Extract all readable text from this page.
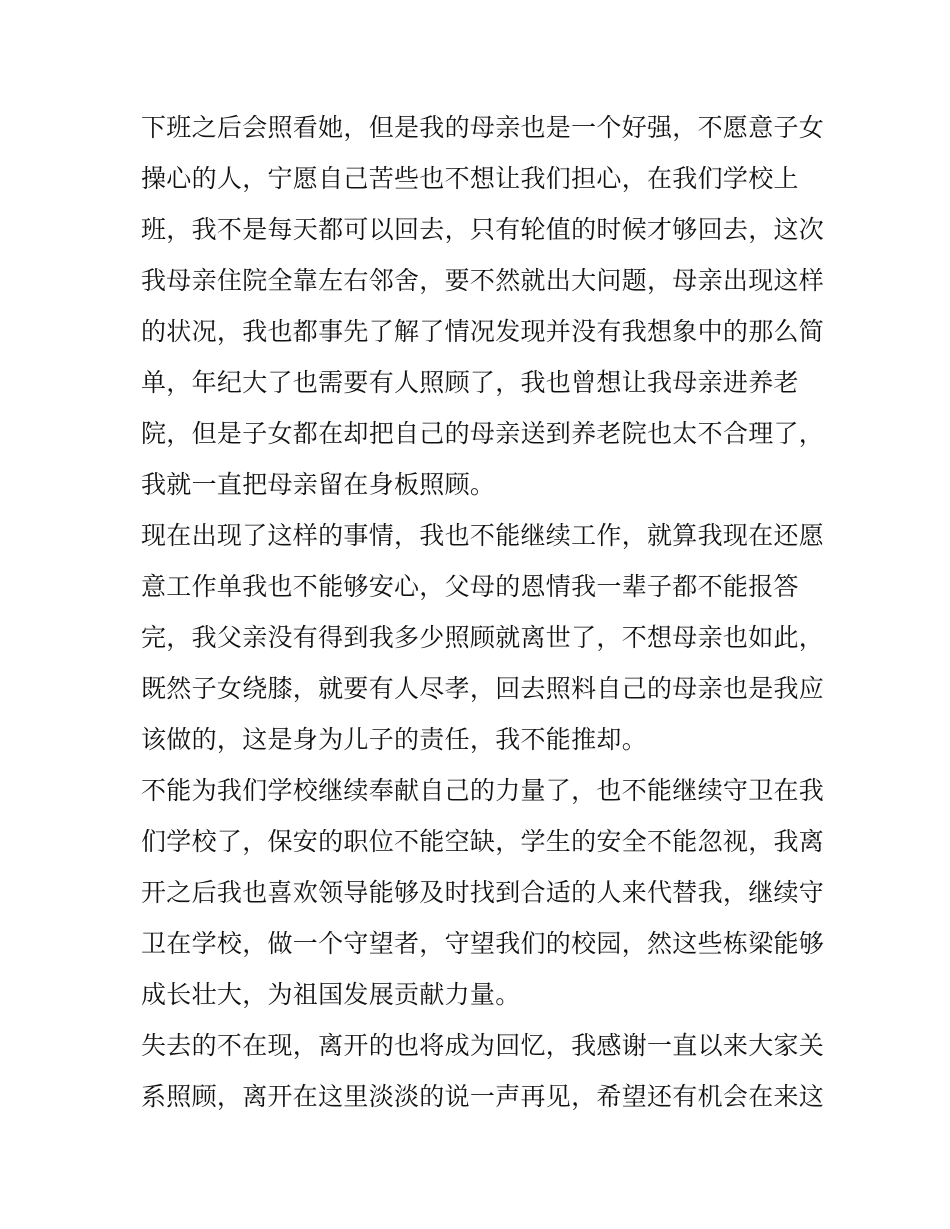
下班之后会照看她，但是我的母亲也是一个好强，不愿意子女
操心的人，宁愿自己苦些也不想让我们担心，在我们学校上
班，我不是每天都可以回去，只有轮值的时候才够回去，这次
我母亲住院全靠左右邻舍，要不然就出大问题，母亲出现这样
的状况，我也都事先了解了情况发现并没有我想象中的那么简
单，年纪大了也需要有人照顾了，我也曾想让我母亲进养老
院，但是子女都在却把自己的母亲送到养老院也太不合理了，
我就一直把母亲留在身板照顾。
现在出现了这样的事情，我也不能继续工作，就算我现在还愿
意工作单我也不能够安心，父母的恩情我一辈子都不能报答
完，我父亲没有得到我多少照顾就离世了，不想母亲也如此，
既然子女绕膝，就要有人尽孝，回去照料自己的母亲也是我应
该做的，这是身为儿子的责任，我不能推却。
不能为我们学校继续奉献自己的力量了，也不能继续守卫在我
们学校了，保安的职位不能空缺，学生的安全不能忽视，我离
开之后我也喜欢领导能够及时找到合适的人来代替我，继续守
卫在学校，做一个守望者，守望我们的校园，然这些栋梁能够
成长壮大，为祖国发展贡献力量。
失去的不在现，离开的也将成为回忆，我感谢一直以来大家关
系照顾，离开在这里淡淡的说一声再见，希望还有机会在来这
